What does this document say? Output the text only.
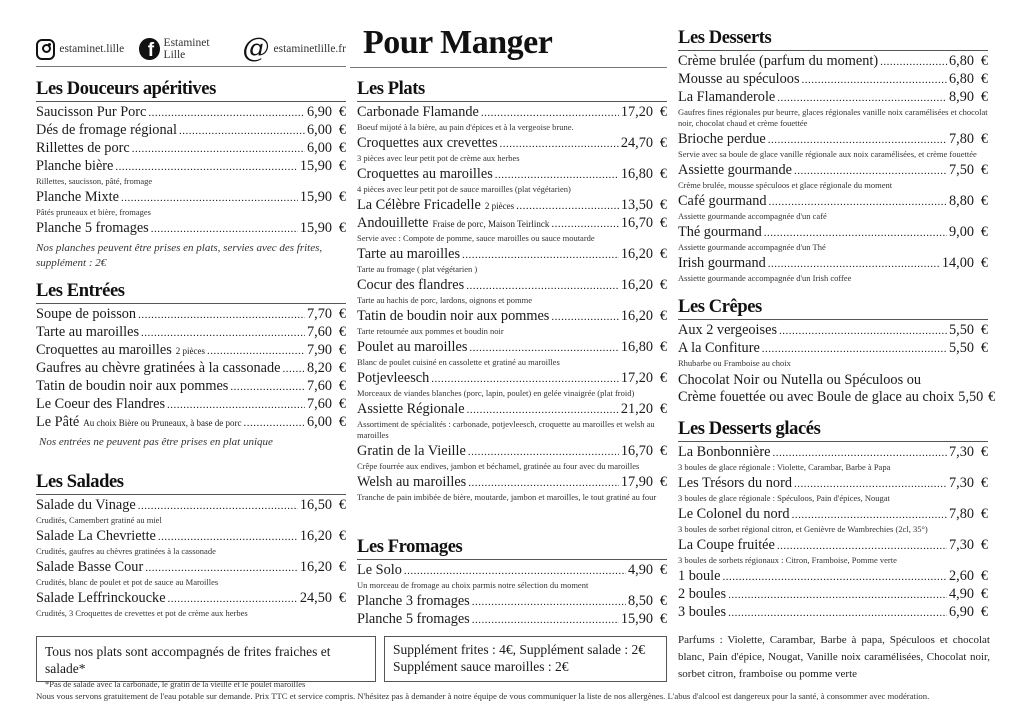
estaminet.lille	f Estaminet Lille	@ estaminetlille.fr Pour Manger
Les Douceurs apéritives
Saucisson Pur Porc .....	6,90 €
Dés de fromage régional .....	6,00 €
Rillettes de porc .....	6,00 €
Planche bière .....	15,90 €
Rillettes, saucisson, pâté, fromage
Planche Mixte .....	15,90 €
Pâtés pruneaux et bière, fromages
Planche 5 fromages .....	15,90 €
Nos planches peuvent être prises en plats, servies avec des frites, supplément : 2€
Les Entrées
Soupe de poisson .....	7,70 €
Tarte au maroilles .....	7,60 €
Croquettes au maroilles 2 pièces .....	7,90 €
Gaufres au chèvre gratinées à la cassonade ..... 8,20 €
Tatin de boudin noir aux pommes .....	7,60 €
Le Coeur des Flandres .....	7,60 €
Le Pâté Au choix Bière ou Pruneaux, à base de porc .....	6,00 €
Nos entrées ne peuvent pas être prises en plat unique
Les Salades
Salade du Vinage .....	16,50 €
Crudités, Camembert gratiné au miel
Salade La Chevriette .....	16,20 €
Crudités, gaufres au chèvres gratinées à la cassonade
Salade Basse Cour .....	16,20 €
Crudités, blanc de poulet et pot de sauce au Maroilles
Salade Leffrinckoucke .....	24,50 €
Crudités, 3 Croquettes de crevettes et pot de crème aux herbes
Les Plats
Carbonade Flamande .....	17,20 €
Boeuf mijoté à la bière, au pain d'épices et à la vergeoise brune.
Croquettes aux crevettes .....	24,70 €
3 pièces avec leur petit pot de crème aux herbes
Croquettes au maroilles .....	16,80 €
4 pièces avec leur petit pot de sauce maroilles (plat végétarien)
La Célèbre Fricadelle 2 pièces .....	13,50 €
Andouillette Fraise de porc, Maison Teirlinck .....	16,70 €
Servie avec : Compote de pomme, sauce maroilles ou sauce moutarde
Tarte au maroilles .....	16,20 €
Tarte au fromage ( plat végétarien )
Cocur des flandres .....	16,20 €
Tarte au hachis de porc, lardons, oignons et pomme
Tatin de boudin noir aux pommes .....	16,20 €
Tarte retournée aux pommes et boudin noir
Poulet au maroilles .....	16,80 €
Blanc de poulet cuisiné en cassolette et gratiné au maroilles
Potjevleesch .....	17,20 €
Morceaux de viandes blanches (porc, lapin, poulet) en gelée vinaigrée (plat froid)
Assiette Régionale .....	21,20 €
Assortiment de spécialités : carbonade, potjevleesch, croquette au maroilles et welsh au maroilles
Gratin de la Vieille .....	16,70 €
Crêpe fourrée aux endives, jambon et béchamel, gratinée au four avec du maroilles
Welsh au maroilles .....	17,90 €
Tranche de pain imbibée de bière, moutarde, jambon et maroilles, le tout gratiné au four
Les Fromages
Le Solo .....	4,90 €
Un morceau de fromage au choix parmis notre sélection du moment
Planche 3 fromages .....	8,50 €
Planche 5 fromages .....	15,90 €
Les Desserts
Crème brulée (parfum du moment) .....	6,80 €
Mousse au spéculoos .....	6,80 €
La Flamanderole .....	8,90 €
Gaufres fines régionales pur beurre, glaces régionales vanille noix caramélisées et chocolat noir, chocolat chaud et crème fouettée
Brioche perdue .....	7,80 €
Servie avec sa boule de glace vanille régionale aux noix caramélisées, et crème fouettée
Assiette gourmande .....	7,50 €
Crème brulée, mousse spéculoos et glace régionale du moment
Café gourmand .....	8,80 €
Assiette gourmande accompagnée d'un café
Thé gourmand .....	9,00 €
Assiette gourmande accompagnée d'un Thé
Irish gourmand .....	14,00 €
Assiette gourmande accompagnée d'un Irish coffee
Les Crêpes
Aux 2 vergeoises .....	5,50 €
A la Confiture .....	5,50 €
Rhubarbe ou Framboise au choix
Chocolat Noir ou Nutella ou Spéculoos ou
Crème fouettée ou avec Boule de glace au choix 5,50 €
Les Desserts glacés
La Bonbonnière .....	7,30 €
3 boules de glace régionale : Violette, Carambar, Barbe à Papa
Les Trésors du nord .....	7,30 €
3 boules de glace régionale : Spéculoos, Pain d'épices, Nougat
Le Colonel du nord .....	7,80 €
3 boules de sorbet régional citron, et Genièvre de Wambrechies (2cl, 35°)
La Coupe fruitée .....	7,30 €
3 boules de sorbets régionaux : Citron, Framboise, Pomme verte
1 boule .....	2,60 €
2 boules .....	4,90 €
3 boules .....	6,90 €
Parfums : Violette, Carambar, Barbe à papa, Spéculoos et chocolat blanc, Pain d'épice, Nougat, Vanille noix caramélisées, Chocolat noir, sorbet citron, framboise ou pomme verte
Tous nos plats sont accompagnés de frites fraiches et salade*
*Pas de salade avec la carbonade, le gratin de la vieille et le poulet maroilles
Supplément frites : 4€, Supplément salade : 2€
Supplément sauce maroilles : 2€
Nous vous servons gratuitement de l'eau potable sur demande. Prix TTC et service compris. N'hésitez pas à demander à notre équipe de vous communiquer la liste de nos allergènes. L'abus d'alcool est dangereux pour la santé, à consommer avec modération.
